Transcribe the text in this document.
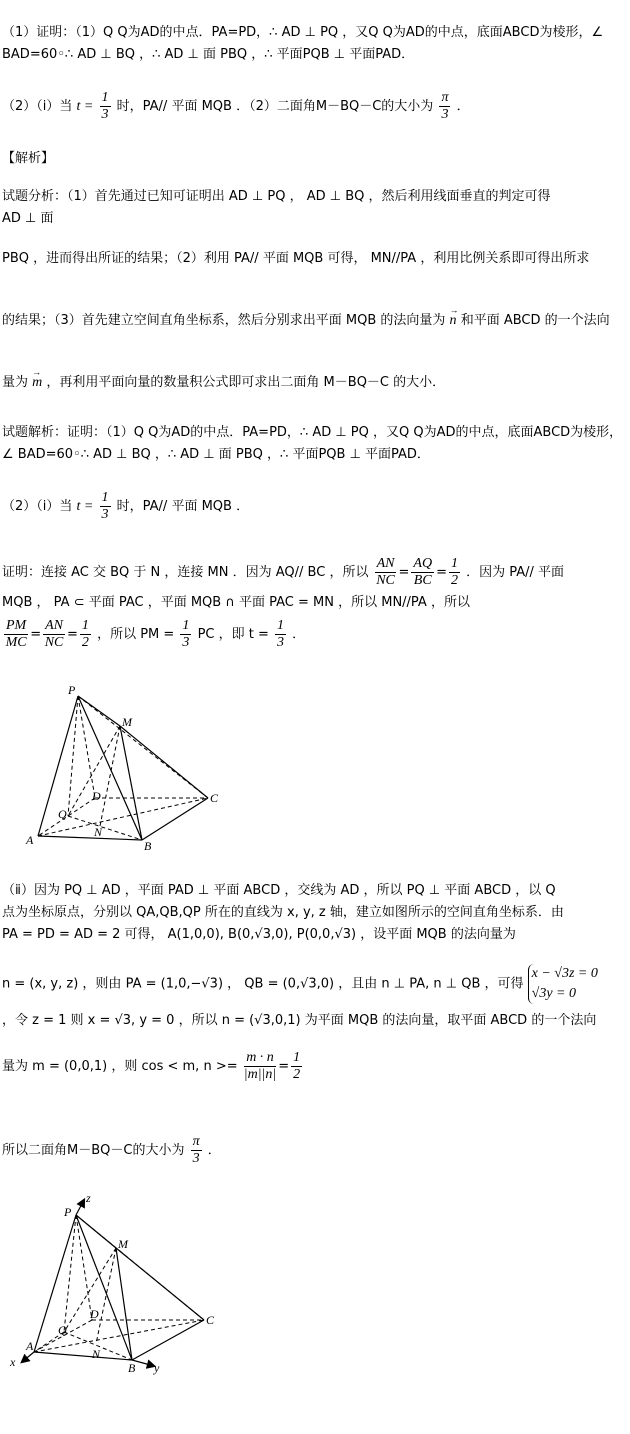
（1）证明：（1）Q Q为AD的中点．PA=PD，∴ AD ⊥ PQ ，又Q Q为AD的中点，底面ABCD为棱形，∠
BAD=60◦∴ AD ⊥ BQ ，∴ AD ⊥ 面 PBQ ，∴ 平面PQB ⊥ 平面PAD．
（2）（ⅰ）当 $t = \frac{1}{3}$ 时，PA// 平面 MQB ．（2）二面角M－BQ－C的大小为 $\frac{\pi}{3}$ ．
【解析】
试题分析：（1）首先通过已知可证明出 AD ⊥ PQ ， AD ⊥ BQ ，然后利用线面垂直的判定可得
AD ⊥ 面
PBQ ，进而得出所证的结果；（2）利用 PA// 平面 MQB 可得， MN//PA ，利用比例关系即可得出所求
的结果；（3）首先建立空间直角坐标系，然后分别求出平面 MQB 的法向量为 → n 和平面 ABCD 的一个法向
量为 → m ，再利用平面向量的数量积公式即可求出二面角 M－BQ－C 的大小．
试题解析：证明：（1）Q Q为AD的中点．PA=PD，∴ AD ⊥ PQ ，又Q Q为AD的中点，底面ABCD为棱形，
∠ BAD=60◦∴ AD ⊥ BQ ，∴ AD ⊥ 面 PBQ ，∴ 平面PQB ⊥ 平面PAD．
（2）（ⅰ）当 $t = \frac{1}{3}$ 时，PA// 平面 MQB ．
证明：连接 AC 交 BQ 于 N ，连接 MN ．因为 AQ// BC ，所以 $\frac{AN}{NC} = \frac{AQ}{BC} = \frac{1}{2}$ ．因为 PA// 平面
MQB ， PA ⊂ 平面 PAC ，平面 MQB ∩ 平面 PAC = MN ，所以 MN//PA ，所以
$\frac{PM}{MC} = \frac{AN}{NC} = \frac{1}{2}$ ，所以 PM = $\frac{1}{3}$ PC ，即 $t = \frac{1}{3}$ ．
P
M
D	C
Q
N
A	B
（ⅱ）因为 PQ ⊥ AD ，平面 PAD ⊥ 平面 ABCD ，交线为 AD ，所以 PQ ⊥ 平面 ABCD ，以 Q
点为坐标原点，分别以 QA,QB,QP 所在的直线为 x, y, z 轴，建立如图所示的空间直角坐标系．由
PA = PD = AD = 2 可得， A(1,0,0), B(0,√3,0), P(0,0,√3) ，设平面 MQB 的法向量为
n = (x, y, z) ，则由 PA = (1,0,−√3) ， QB = (0,√3,0) ，且由 n ⊥ PA, n ⊥ QB ，可得
x − √3z = 0
√3y = 0
，令 z = 1 则 x = √3, y = 0 ，所以 n = (√3,0,1) 为平面 MQB 的法向量，取平面 ABCD 的一个法向
量为 m = (0,0,1) ，则 cos < m, $n >= \frac{m \cdot n}{|m||n|} = \frac{1}{2}$
所以二面角M－BQ－C的大小为 $\frac{\pi}{3}$ ．
z
P
M
D	C
Q
A
N
B
x	y
